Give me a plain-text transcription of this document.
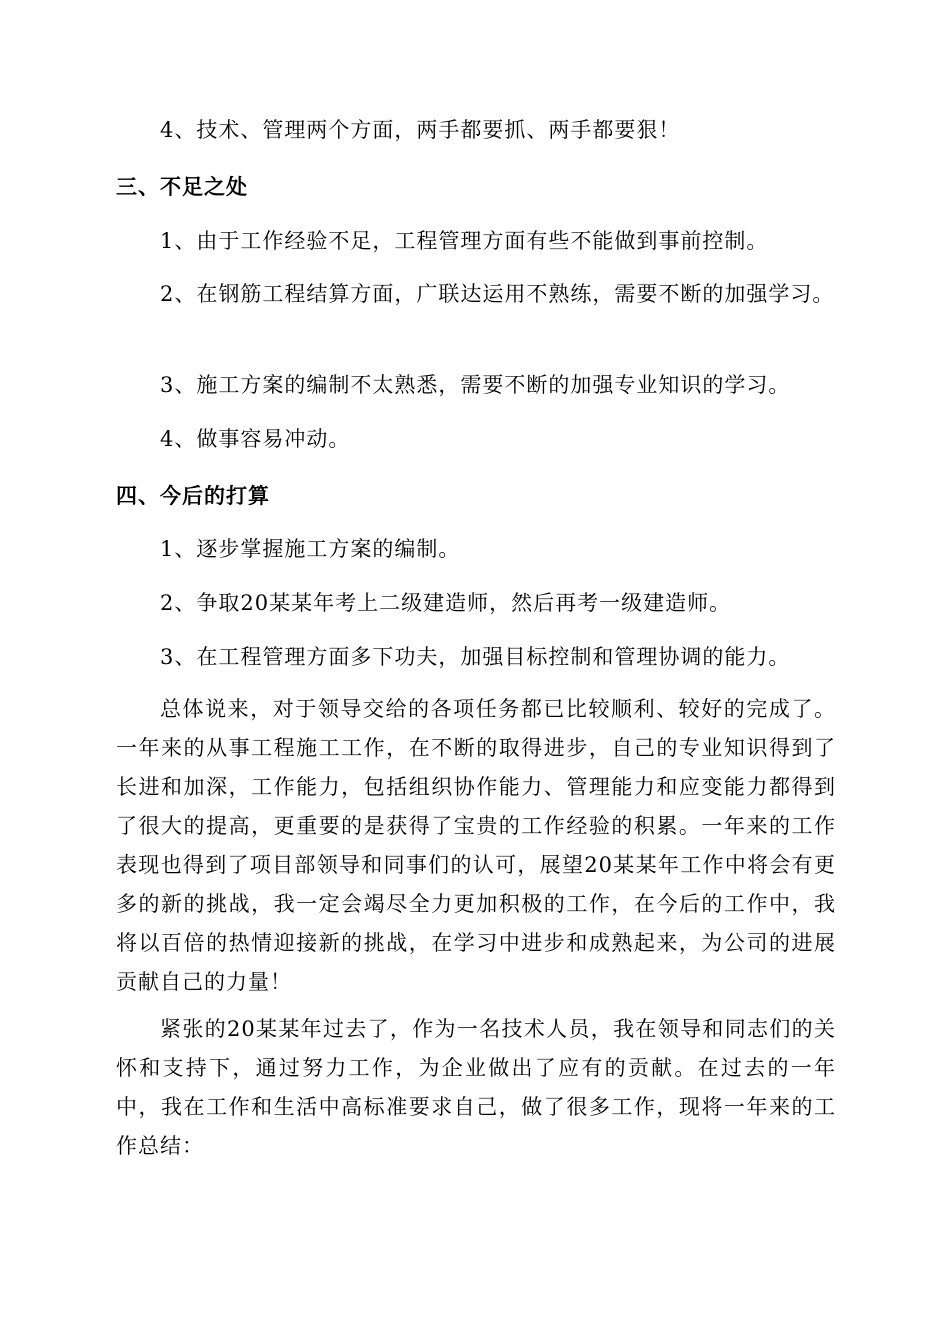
4、技术、管理两个方面，两手都要抓、两手都要狠！

三、不足之处

1、由于工作经验不足，工程管理方面有些不能做到事前控制。

2、在钢筋工程结算方面，广联达运用不熟练，需要不断的加强学习。

3、施工方案的编制不太熟悉，需要不断的加强专业知识的学习。

4、做事容易冲动。

四、今后的打算

1、逐步掌握施工方案的编制。

2、争取20某某年考上二级建造师，然后再考一级建造师。

3、在工程管理方面多下功夫，加强目标控制和管理协调的能力。

总体说来，对于领导交给的各项任务都已比较顺利、较好的完成了。一年来的从事工程施工工作，在不断的取得进步，自己的专业知识得到了长进和加深，工作能力，包括组织协作能力、管理能力和应变能力都得到了很大的提高，更重要的是获得了宝贵的工作经验的积累。一年来的工作表现也得到了项目部领导和同事们的认可，展望20某某年工作中将会有更多的新的挑战，我一定会竭尽全力更加积极的工作，在今后的工作中，我将以百倍的热情迎接新的挑战，在学习中进步和成熟起来，为公司的进展贡献自己的力量！

紧张的20某某年过去了，作为一名技术人员，我在领导和同志们的关怀和支持下，通过努力工作，为企业做出了应有的贡献。在过去的一年中，我在工作和生活中高标准要求自己，做了很多工作，现将一年来的工作总结：
